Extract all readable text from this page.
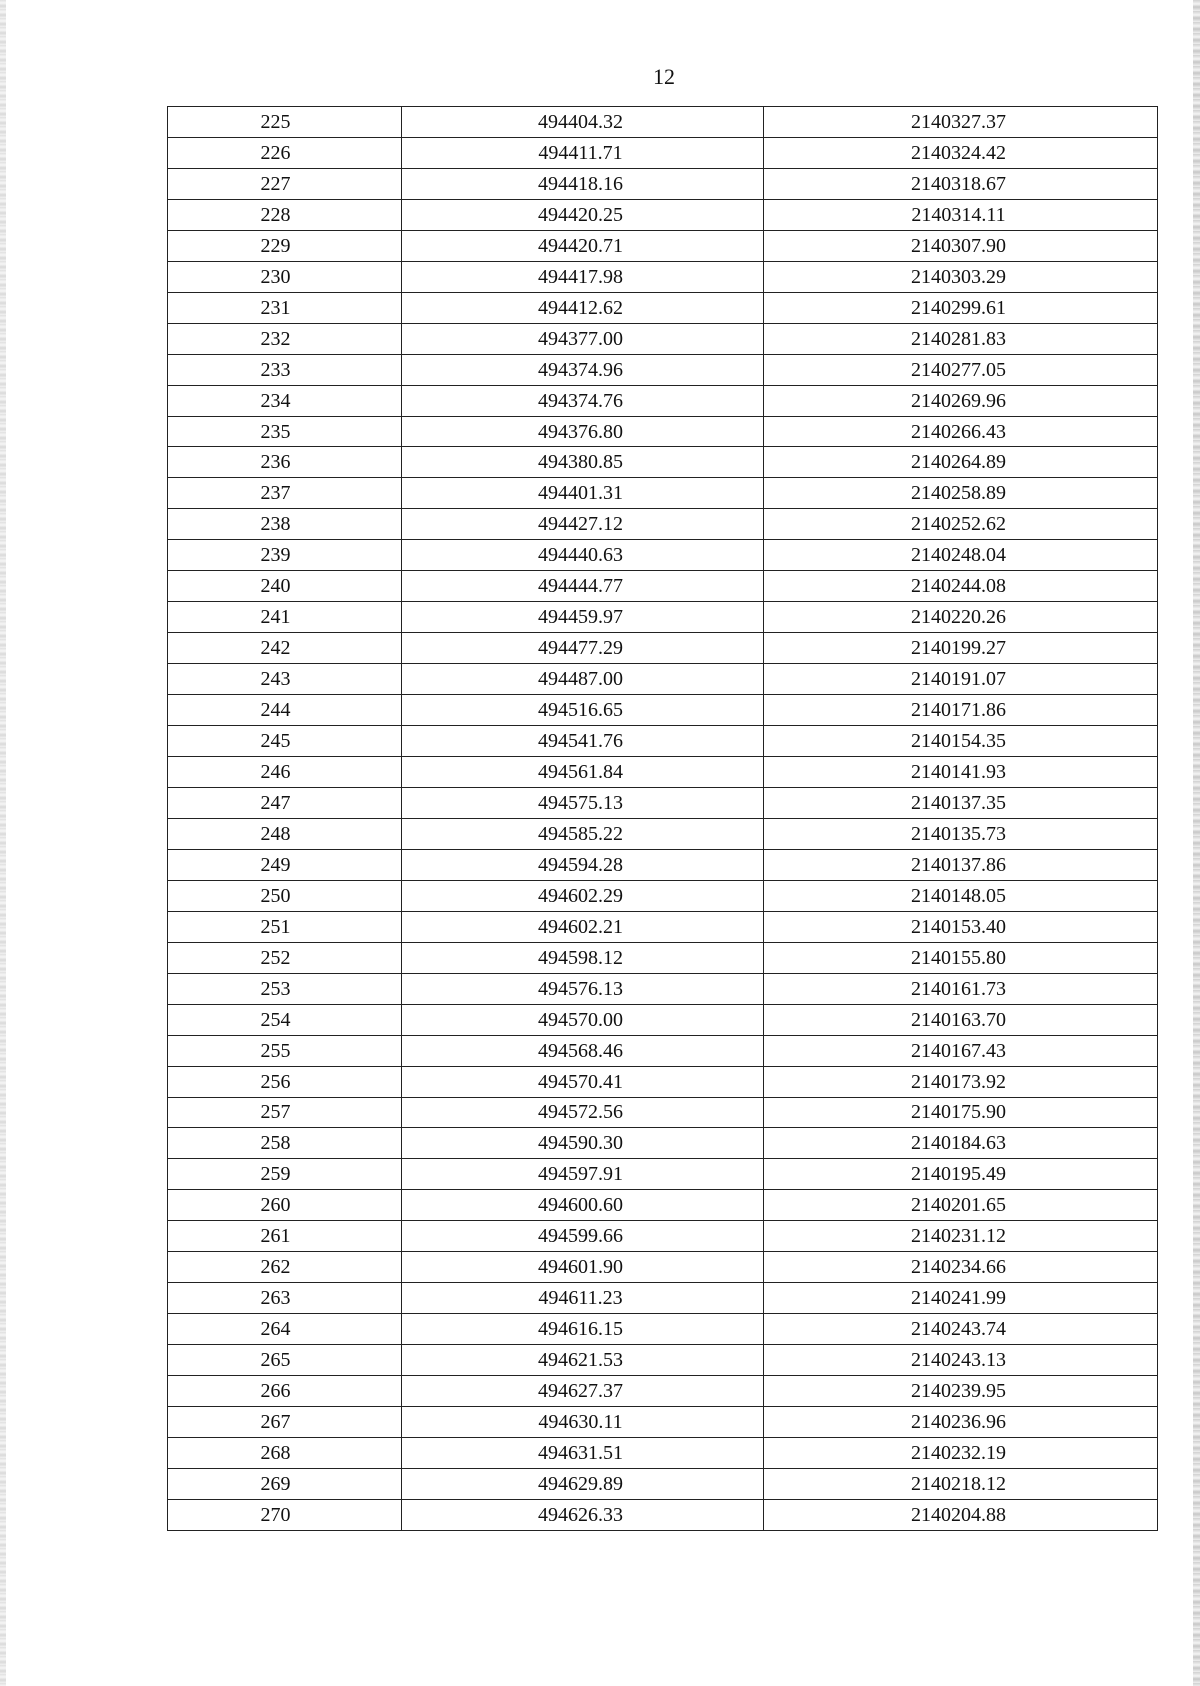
12
225	494404.32	2140327.37
226	494411.71	2140324.42
227	494418.16	2140318.67
228	494420.25	2140314.11
229	494420.71	2140307.90
230	494417.98	2140303.29
231	494412.62	2140299.61
232	494377.00	2140281.83
233	494374.96	2140277.05
234	494374.76	2140269.96
235	494376.80	2140266.43
236	494380.85	2140264.89
237	494401.31	2140258.89
238	494427.12	2140252.62
239	494440.63	2140248.04
240	494444.77	2140244.08
241	494459.97	2140220.26
242	494477.29	2140199.27
243	494487.00	2140191.07
244	494516.65	2140171.86
245	494541.76	2140154.35
246	494561.84	2140141.93
247	494575.13	2140137.35
248	494585.22	2140135.73
249	494594.28	2140137.86
250	494602.29	2140148.05
251	494602.21	2140153.40
252	494598.12	2140155.80
253	494576.13	2140161.73
254	494570.00	2140163.70
255	494568.46	2140167.43
256	494570.41	2140173.92
257	494572.56	2140175.90
258	494590.30	2140184.63
259	494597.91	2140195.49
260	494600.60	2140201.65
261	494599.66	2140231.12
262	494601.90	2140234.66
263	494611.23	2140241.99
264	494616.15	2140243.74
265	494621.53	2140243.13
266	494627.37	2140239.95
267	494630.11	2140236.96
268	494631.51	2140232.19
269	494629.89	2140218.12
270	494626.33	2140204.88
